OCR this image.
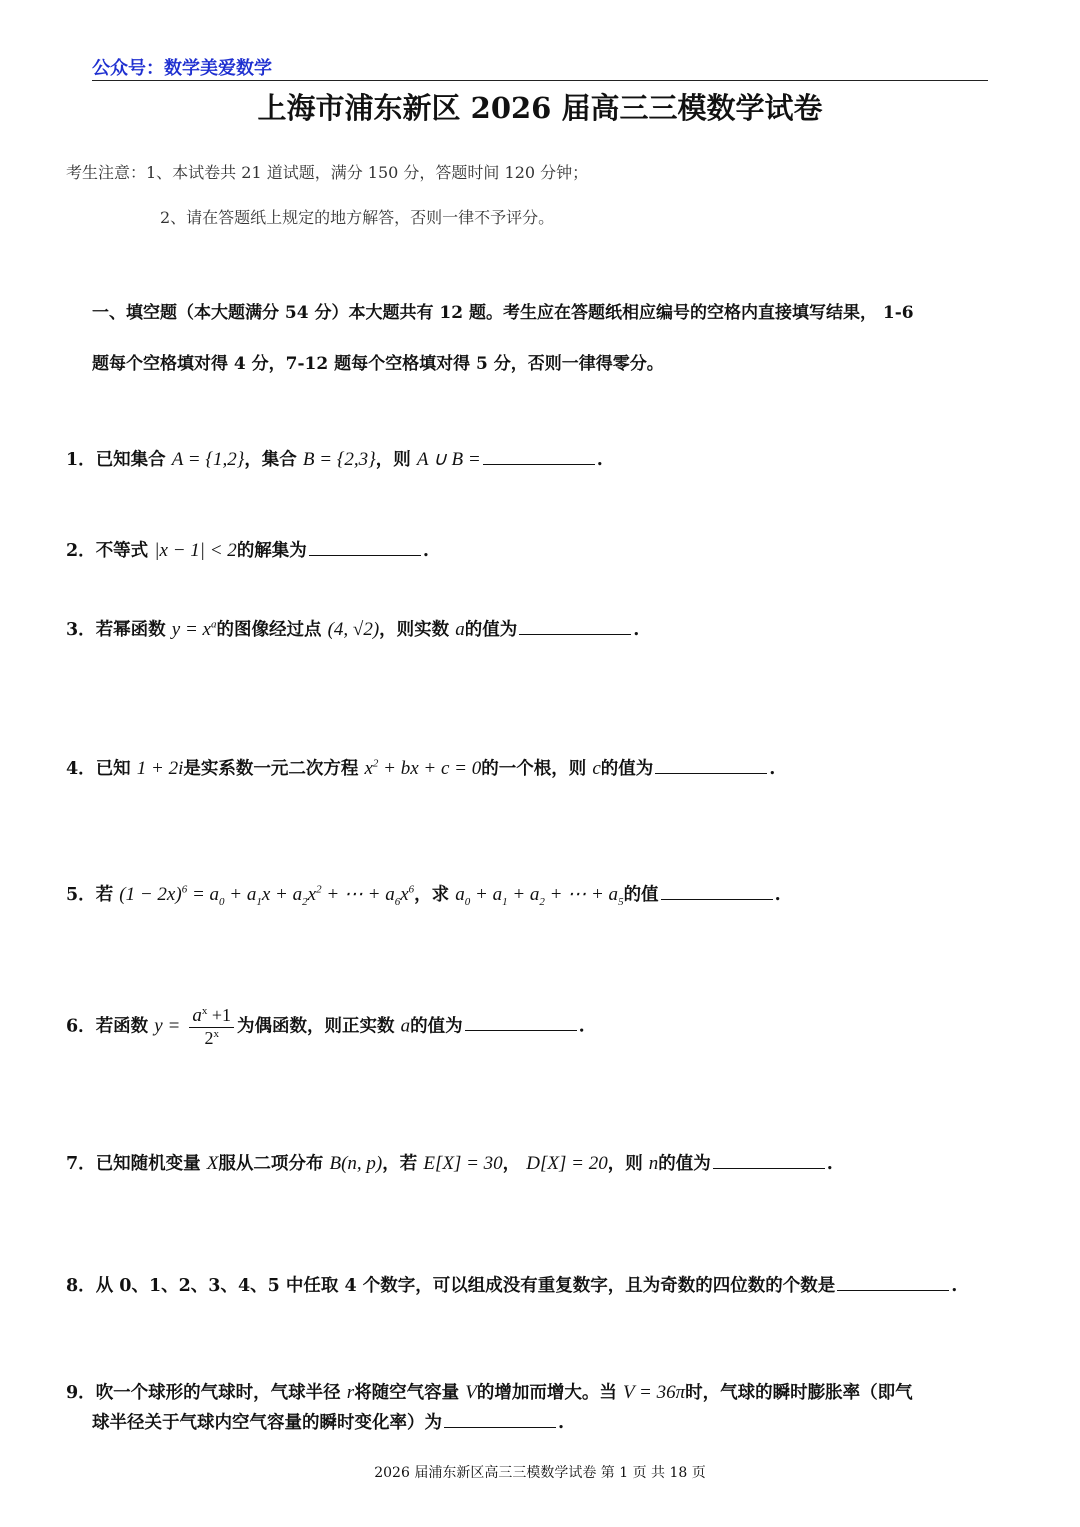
公众号：数学美爱数学
上海市浦东新区 2026 届高三三模数学试卷
考生注意：1、本试卷共 21 道试题，满分 150 分，答题时间 120 分钟；
2、请在答题纸上规定的地方解答，否则一律不予评分。
一、填空题（本大题满分 54 分）本大题共有 12 题。考生应在答题纸相应编号的空格内直接填写结果， 1-6
题每个空格填对得 4 分，7-12 题每个空格填对得 5 分，否则一律得零分。
1．已知集合 A = {1,2}，集合 B = {2,3}，则 A ∪ B =	.
2．不等式 |x − 1| < 2的解集为	.
3．若幂函数 $y = x^a$的图像经过点 (4, √2)，则实数 a的值为	.
4．已知 1 + 2i是实系数一元二次方程 $x^2$ + bx + c = 0的一个根，则 c的值为	.
5．若 $(1 - 2x)^6 = a_0 + a_1x + a_2x^2$ + ⋯ + $a_6x^6$，求 $a_0 + a_1 + a_2$ + ⋯ + $a_5$的值	.
6．若函数 $y = \frac{a^x +1}{2^x}$ 为偶函数，则正实数 a的值为	.
7．已知随机变量 X服从二项分布 B(n, p)，若 E[X] = 30， D[X] = 20，则 n的值为	.
8．从 0、1、2、3、4、5 中任取 4 个数字，可以组成没有重复数字，且为奇数的四位数的个数是	.
9．吹一个球形的气球时，气球半径 r将随空气容量 V的增加而增大。当 V = 36π时，气球的瞬时膨胀率（即气
球半径关于气球内空气容量的瞬时变化率）为	.
2026 届浦东新区高三三模数学试卷 第 1 页 共 18 页
